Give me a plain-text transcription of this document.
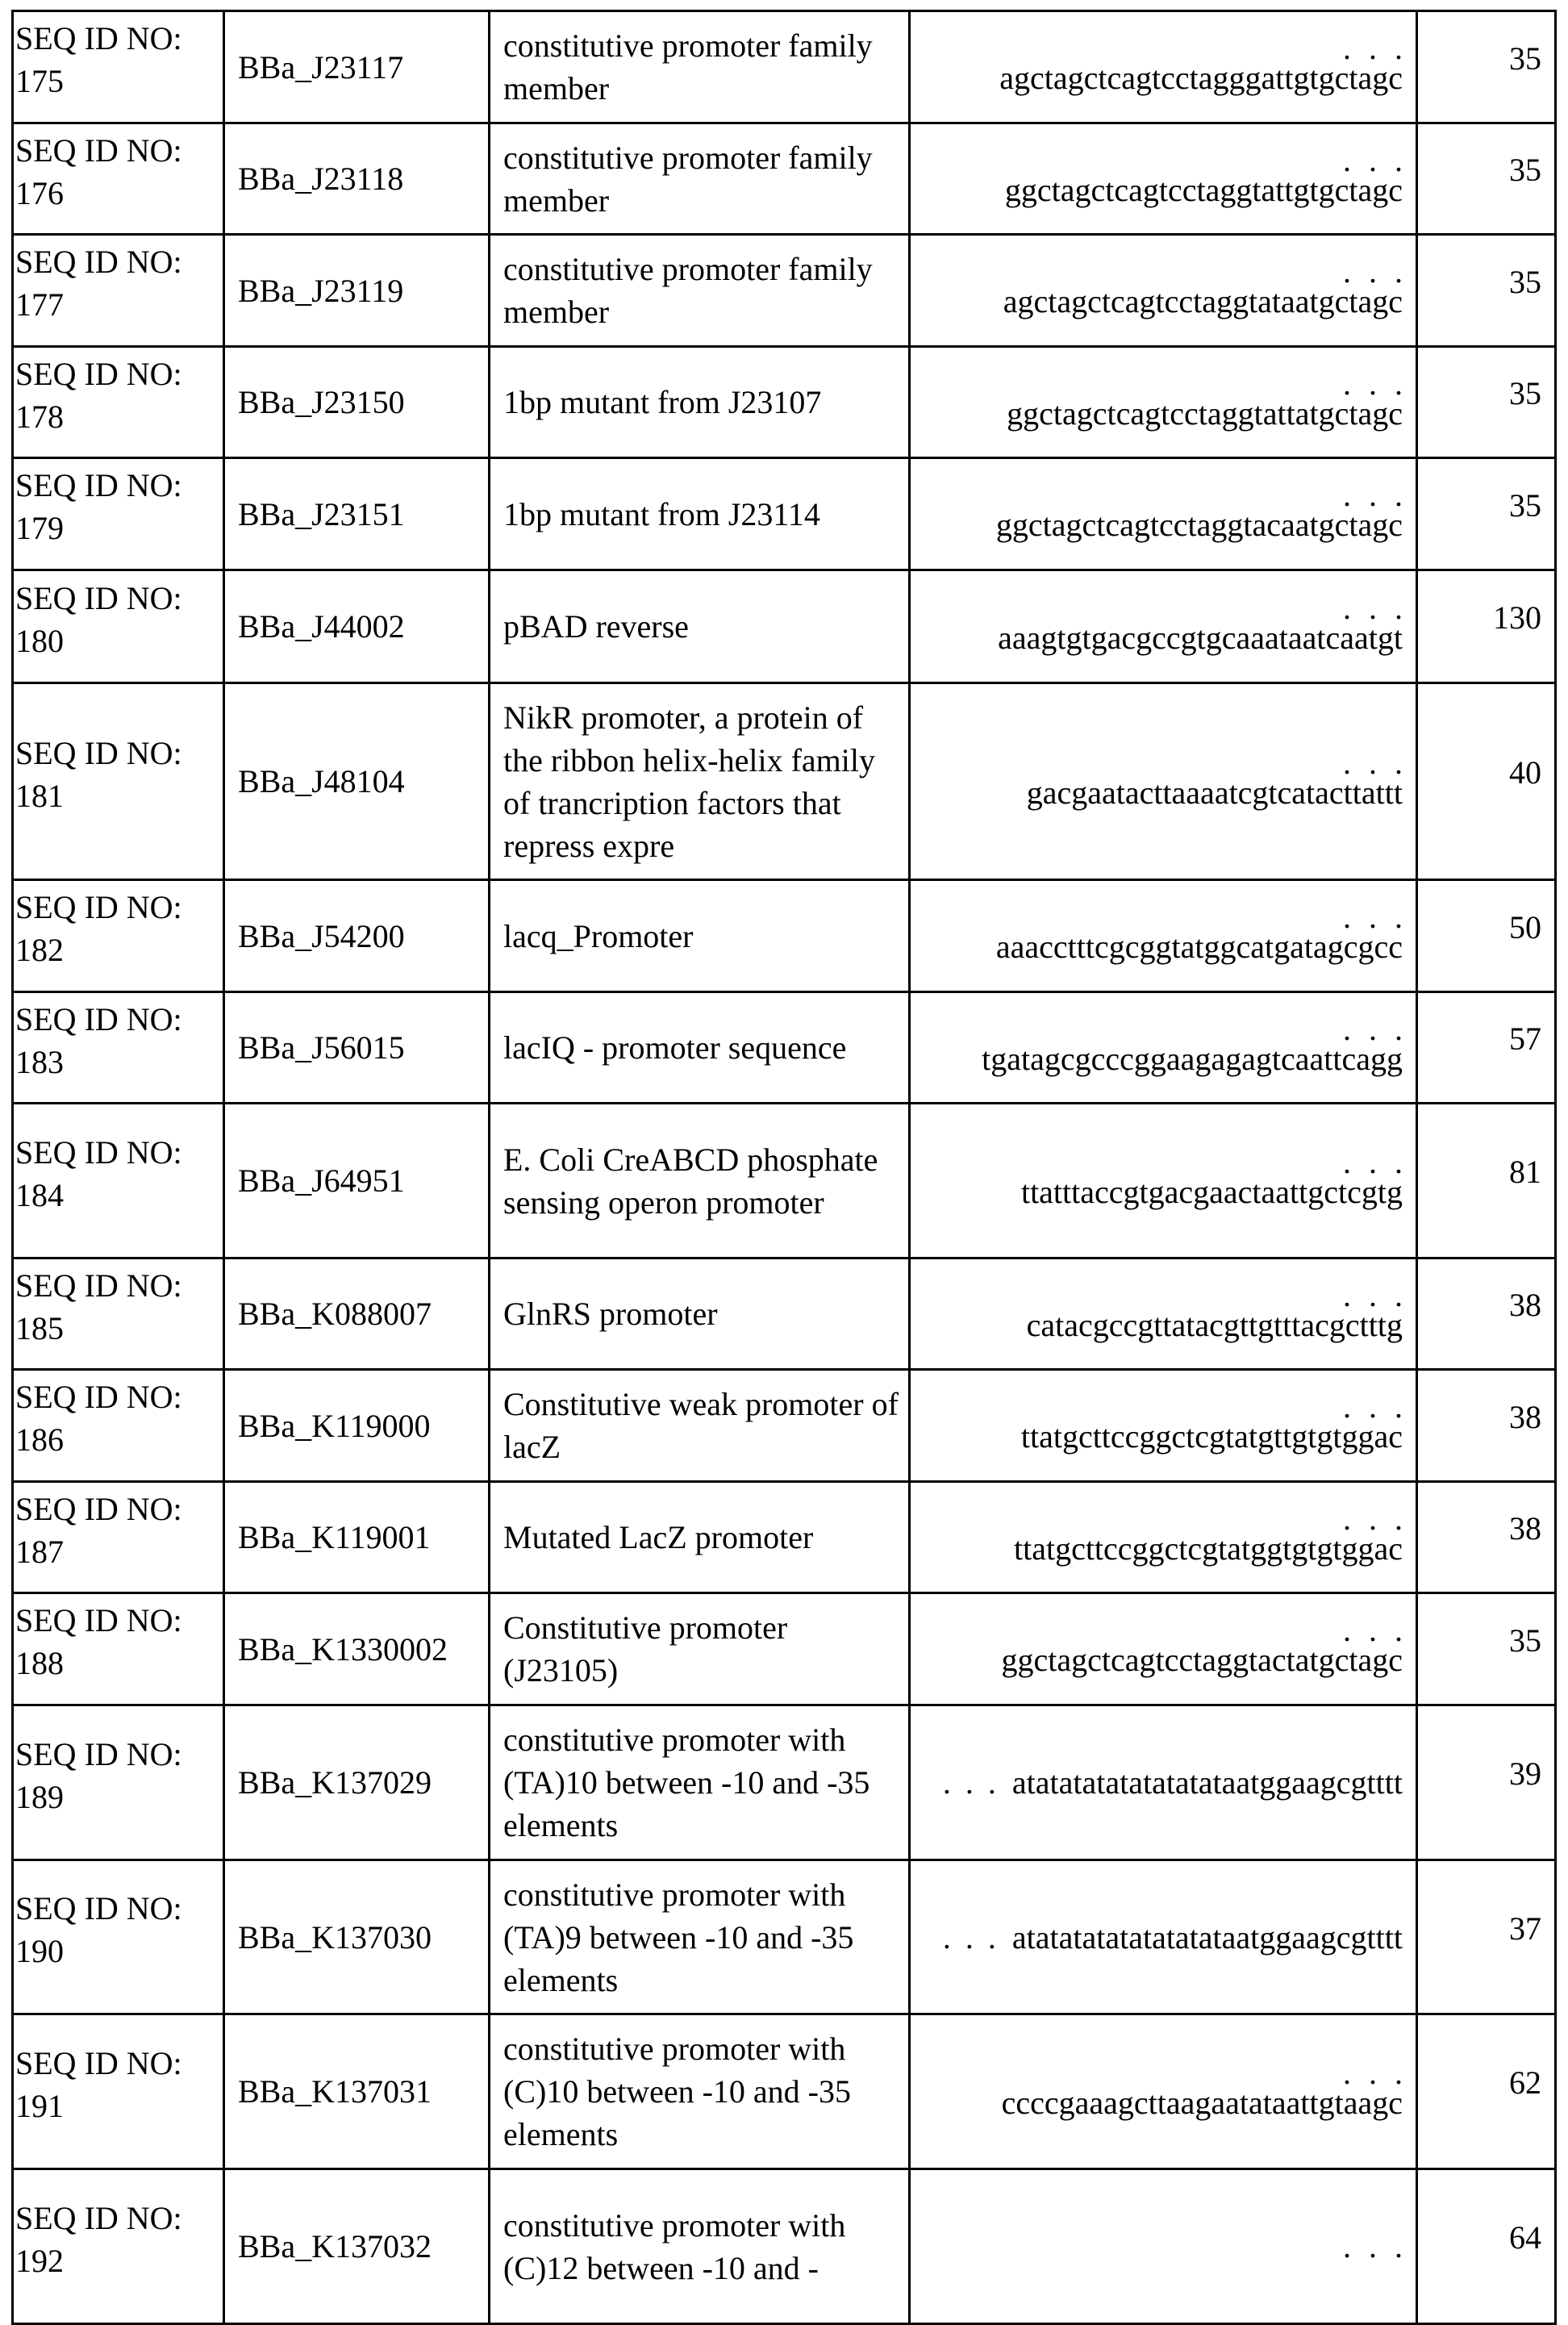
SEQ ID NO:
175	BBa_J23117	constitutive promoter family member	. . .
agctagctcagtcctagggattgtgctagc	35

SEQ ID NO:
176	BBa_J23118	constitutive promoter family member	. . .
ggctagctcagtcctaggtattgtgctagc	35

SEQ ID NO:
177	BBa_J23119	constitutive promoter family member	. . .
agctagctcagtcctaggtataatgctagc	35

SEQ ID NO:
178	BBa_J23150	1bp mutant from J23107	. . .
ggctagctcagtcctaggtattatgctagc	35

SEQ ID NO:
179	BBa_J23151	1bp mutant from J23114	. . .
ggctagctcagtcctaggtacaatgctagc	35

SEQ ID NO:
180	BBa_J44002	pBAD reverse	. . .
aaagtgtgacgccgtgcaaataatcaatgt	130

SEQ ID NO:
181	BBa_J48104	NikR promoter, a protein of the ribbon helix-helix family of trancription factors that repress expre	. . .
gacgaatacttaaaatcgtcatacttattt	40

SEQ ID NO:
182	BBa_J54200	lacq_Promoter	. . .
aaacctttcgcggtatggcatgatagcgcc	50

SEQ ID NO:
183	BBa_J56015	lacIQ - promoter sequence	. . .
tgatagcgcccggaagagagtcaattcagg	57

SEQ ID NO:
184	BBa_J64951	E. Coli CreABCD phosphate sensing operon promoter	. . .
ttatttaccgtgacgaactaattgctcgtg	81

SEQ ID NO:
185	BBa_K088007	GlnRS promoter	. . .
catacgccgttatacgttgtttacgctttg	38

SEQ ID NO:
186	BBa_K119000	Constitutive weak promoter of lacZ	. . .
ttatgcttccggctcgtatgttgtgtggac	38

SEQ ID NO:
187	BBa_K119001	Mutated LacZ promoter	. . .
ttatgcttccggctcgtatggtgtgtggac	38

SEQ ID NO:
188	BBa_K1330002	Constitutive promoter (J23105)	. . .
ggctagctcagtcctaggtactatgctagc	35

SEQ ID NO:
189	BBa_K137029	constitutive promoter with (TA)10 between -10 and -35 elements	. . . atatatatatatatatataatggaagcgtttt	39

SEQ ID NO:
190	BBa_K137030	constitutive promoter with (TA)9 between -10 and -35 elements	. . . atatatatatatatatataatggaagcgtttt	37

SEQ ID NO:
191	BBa_K137031	constitutive promoter with (C)10 between -10 and -35 elements	. . .
ccccgaaagcttaagaatataattgtaagc	62

SEQ ID NO:
192	BBa_K137032	constitutive promoter with (C)12 between -10 and -	. . .	64
